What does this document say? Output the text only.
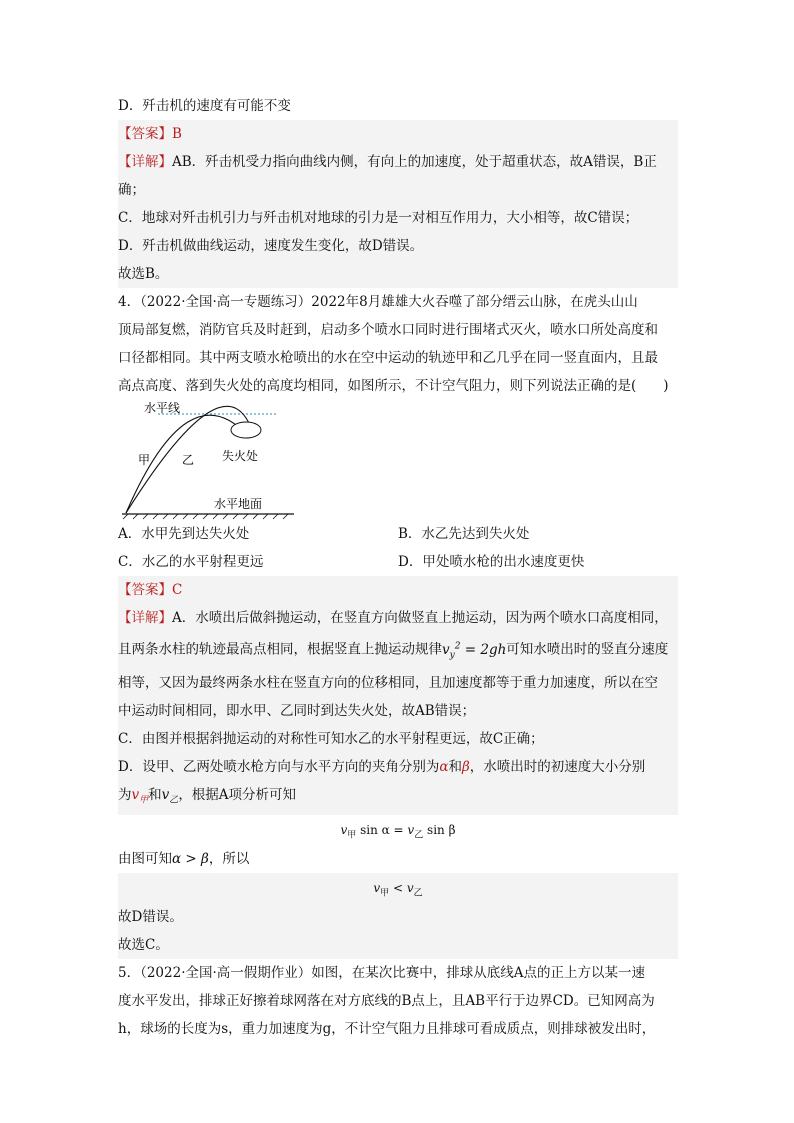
D．歼击机的速度有可能不变

【答案】B

【详解】AB．歼击机受力指向曲线内侧，有向上的加速度，处于超重状态，故A错误，B正

确；

C．地球对歼击机引力与歼击机对地球的引力是一对相互作用力，大小相等，故C错误；

D．歼击机做曲线运动，速度发生变化，故D错误。

故选B。

4．（2022·全国·高一专题练习）2022年8月雄雄大火吞噬了部分缙云山脉，在虎头山山

顶局部复燃，消防官兵及时赶到，启动多个喷水口同时进行围堵式灭火，喷水口所处高度和

口径都相同。其中两支喷水枪喷出的水在空中运动的轨迹甲和乙几乎在同一竖直面内，且最

高点高度、落到失火处的高度均相同，如图所示，不计空气阻力，则下列说法正确的是(　　)

水平线
甲	乙 失火处
水平地面

A．水甲先到达失火处	B．水乙先达到失火处

C．水乙的水平射程更远	D．甲处喷水枪的出水速度更快

【答案】C

【详解】A．水喷出后做斜抛运动，在竖直方向做竖直上抛运动，因为两个喷水口高度相同，

且两条水柱的轨迹最高点相同，根据竖直上抛运动规律$v_y^2 = 2gh$可知水喷出时的竖直分速度

相等，又因为最终两条水柱在竖直方向的位移相同，且加速度都等于重力加速度，所以在空

中运动时间相同，即水甲、乙同时到达失火处，故AB错误；

C．由图并根据斜抛运动的对称性可知水乙的水平射程更远，故C正确；

D．设甲、乙两处喷水枪方向与水平方向的夹角分别为α和β，水喷出时的初速度大小分别

为$v_甲$和$v_乙$，根据A项分析可知

$v_甲$ $\sin \alpha = v_乙$ sin β

由图可知α > β，所以

$v_甲 < v_乙$

故D错误。

故选C。

5．（2022·全国·高一假期作业）如图，在某次比赛中，排球从底线A点的正上方以某一速

度水平发出，排球正好擦着球网落在对方底线的B点上，且AB平行于边界CD。已知网高为

h，球场的长度为s，重力加速度为g，不计空气阻力且排球可看成质点，则排球被发出时，
